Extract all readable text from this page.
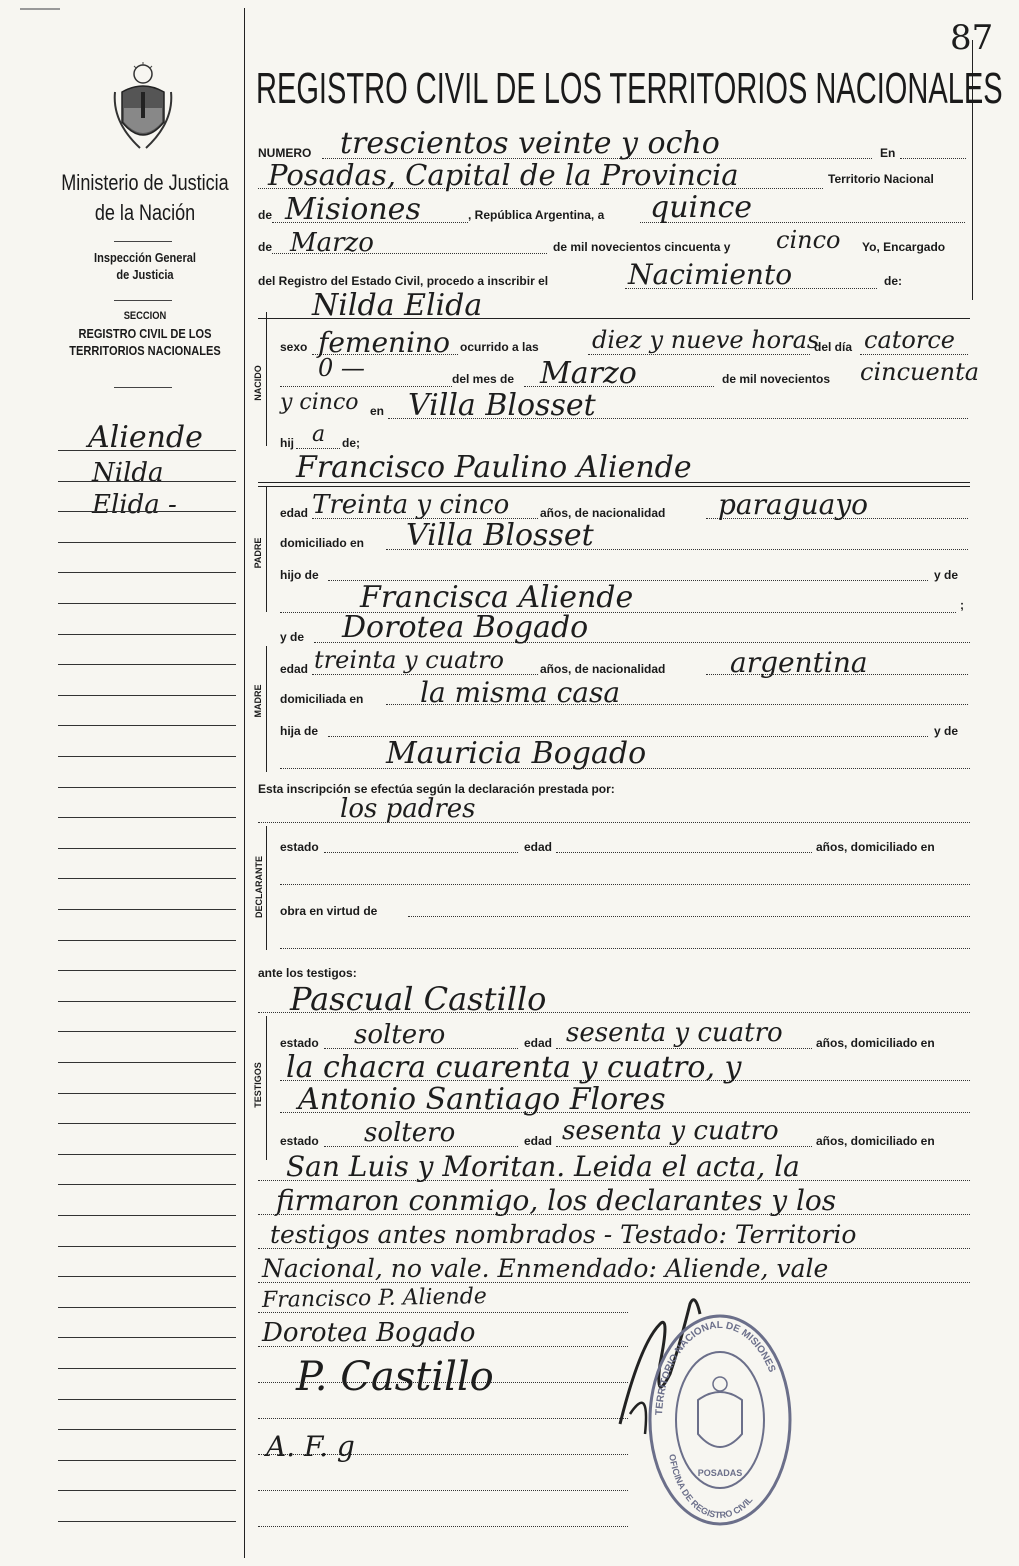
Ministerio de Justicia
de la Nación
Inspección General
de Justicia
SECCION
REGISTRO CIVIL DE LOS
TERRITORIOS NACIONALES
Aliende
Nilda
Elida -
87
REGISTRO CIVIL DE LOS TERRITORIOS NACIONALES
NUMERO trescientos veinte y ocho	En
Posadas, Capital de la Provincia	Territorio Nacional
de Misiones	, República Argentina, a quince
de Marzo	de mil novecientos cincuenta y cinco Yo, Encargado
del Registro del Estado Civil, procedo a inscribir el	Nacimiento	de:
Nilda Elida
NACIDO
sexo femenino ocurrido a las diez y nueve horas
del día catorce
0 —	del mes de Marzo	de mil novecientos cincuenta
y cinco en Villa Blosset
hij a de;
Francisco Paulino Aliende
PADRE
edad Treinta y cinco	años, de nacionalidad paraguayo
domiciliado en Villa Blosset
hijo de	y de
Francisca Aliende	;
y de Dorotea Bogado
MADRE
edad treinta y cuatro	años, de nacionalidad argentina
domiciliada en la misma casa
hija de	y de
Mauricia Bogado
Esta inscripción se efectúa según la declaración prestada por:
los padres
DECLARANTE
estado	edad	años, domiciliado en
obra en virtud de
ante los testigos:
Pascual Castillo
TESTIGOS
estado soltero	edad sesenta y cuatro	años, domiciliado en
la chacra cuarenta y cuatro, y
Antonio Santiago Flores
estado soltero	edad sesenta y cuatro	años, domiciliado en
San Luis y Moritan. Leida el acta, la
firmaron conmigo, los declarantes y los
testigos antes nombrados - Testado: Territorio
Nacional, no vale. Enmendado: Aliende, vale
Francisco P. Aliende
Dorotea Bogado
P. Castillo
A. F. g
TERRITORIO NACIONAL DE MISIONES
OFICINA DE REGISTRO CIVIL
POSADAS
